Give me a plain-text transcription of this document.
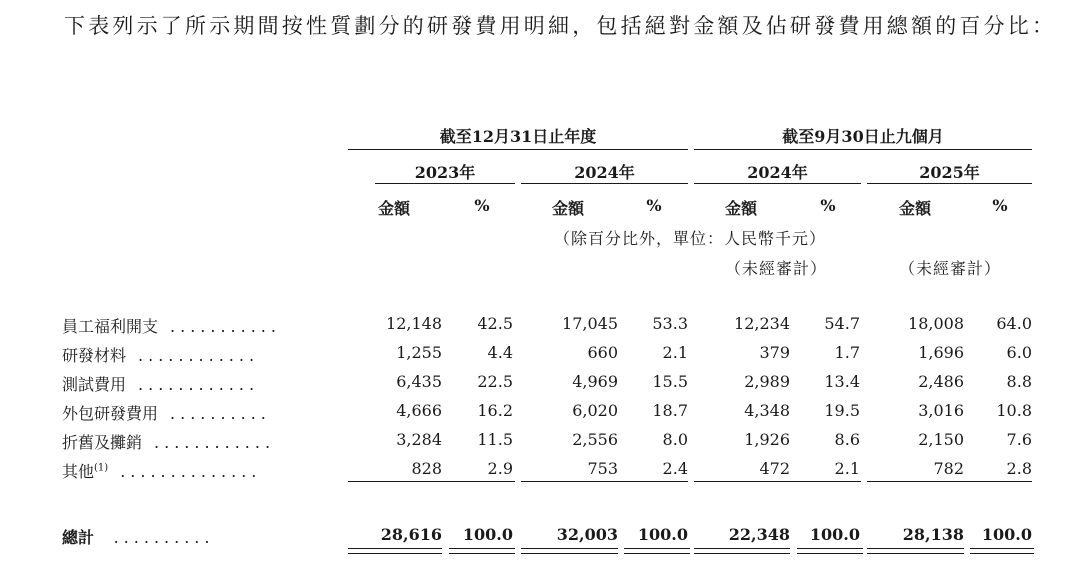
下表列示了所示期間按性質劃分的研發費用明細，包括絕對金額及佔研發費用總額的百分比：
截至12月31日止年度	截至9月30日止九個月
2023年	2024年	2024年	2025年
金額	%	金額	%	金額	%	金額	%
（除百分比外，單位：人民幣千元）
（未經審計）	（未經審計）
員工福利開支 ...........	12,148	42.5	17,045	53.3	12,234	54.7	18,008	64.0
研發材料 ............	1,255	4.4	660	2.1	379	1.7	1,696	6.0
測試費用 ............	6,435	22.5	4,969	15.5	2,989	13.4	2,486	8.8
外包研發費用 ..........	4,666	16.2	6,020	18.7	4,348	19.5	3,016	10.8
折舊及攤銷 ............	3,284	11.5	2,556	8.0	1,926	8.6	2,150	7.6
其他$^{(1)}$ ..............	828	2.9	753	2.4	472	2.1	782	2.8
總計 ..........	28,616	100.0	32,003	100.0	22,348	100.0	28,138	100.0
